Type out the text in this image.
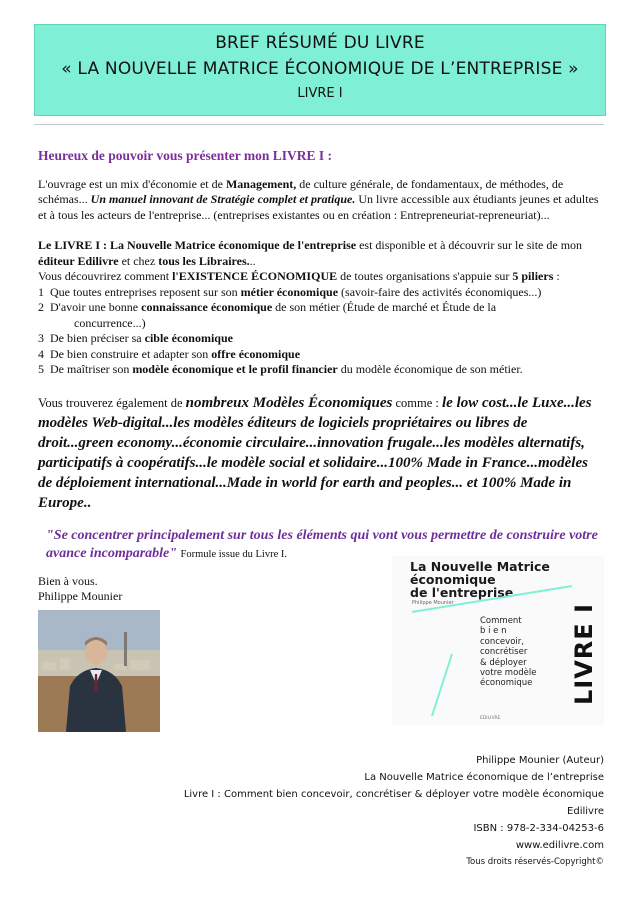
BREF RÉSUMÉ DU LIVRE
« LA NOUVELLE MATRICE ÉCONOMIQUE DE L’ENTREPRISE »
LIVRE I

Heureux de pouvoir vous présenter mon LIVRE I :

L'ouvrage est un mix d'économie et de Management, de culture générale, de fondamentaux, de méthodes, de schémas... Un manuel innovant de Stratégie complet et pratique. Un livre accessible aux étudiants jeunes et adultes et à tous les acteurs de l'entreprise... (entreprises existantes ou en création : Entrepreneuriat-repreneuriat)...

Le LIVRE I : La Nouvelle Matrice économique de l'entreprise est disponible et à découvrir sur le site de mon éditeur Edilivre et chez tous les Libraires...

Vous découvrirez comment l'EXISTENCE ÉCONOMIQUE de toutes organisations s'appuie sur 5 piliers :

1 Que toutes entreprises reposent sur son métier économique (savoir-faire des activités économiques...)
2 D'avoir une bonne connaissance économique de son métier (Étude de marché et Étude de la
concurrence...)
3 De bien préciser sa cible économique
4 De bien construire et adapter son offre économique
5 De maîtriser son modèle économique et le profil financier du modèle économique de son métier.

Vous trouverez également de nombreux Modèles Économiques comme : le low cost...le Luxe...les modèles Web-digital...les modèles éditeurs de logiciels propriétaires ou libres de droit...green economy...économie circulaire...innovation frugale...les modèles alternatifs, participatifs à coopératifs...le modèle social et solidaire...100% Made in France...modèles de déploiement international...Made in world for earth and peoples... et 100% Made in Europe..

"Se concentrer principalement sur tous les éléments qui vont vous permettre de construire votre avance incomparable" Formule issue du Livre I.

Bien à vous.
Philippe Mounier
La Nouvelle Matrice
économique
de l'entreprise
Philippe Mounier
Comment
b i e n
concevoir,
concrétiser
& déployer
votre modèle
économique LIVRE I
EDILIVRE
Philippe Mounier (Auteur)
La Nouvelle Matrice économique de l’entreprise
Livre I : Comment bien concevoir, concrétiser & déployer votre modèle économique
Edilivre
ISBN : 978-2-334-04253-6
www.edilivre.com
Tous droits réservés-Copyright©
